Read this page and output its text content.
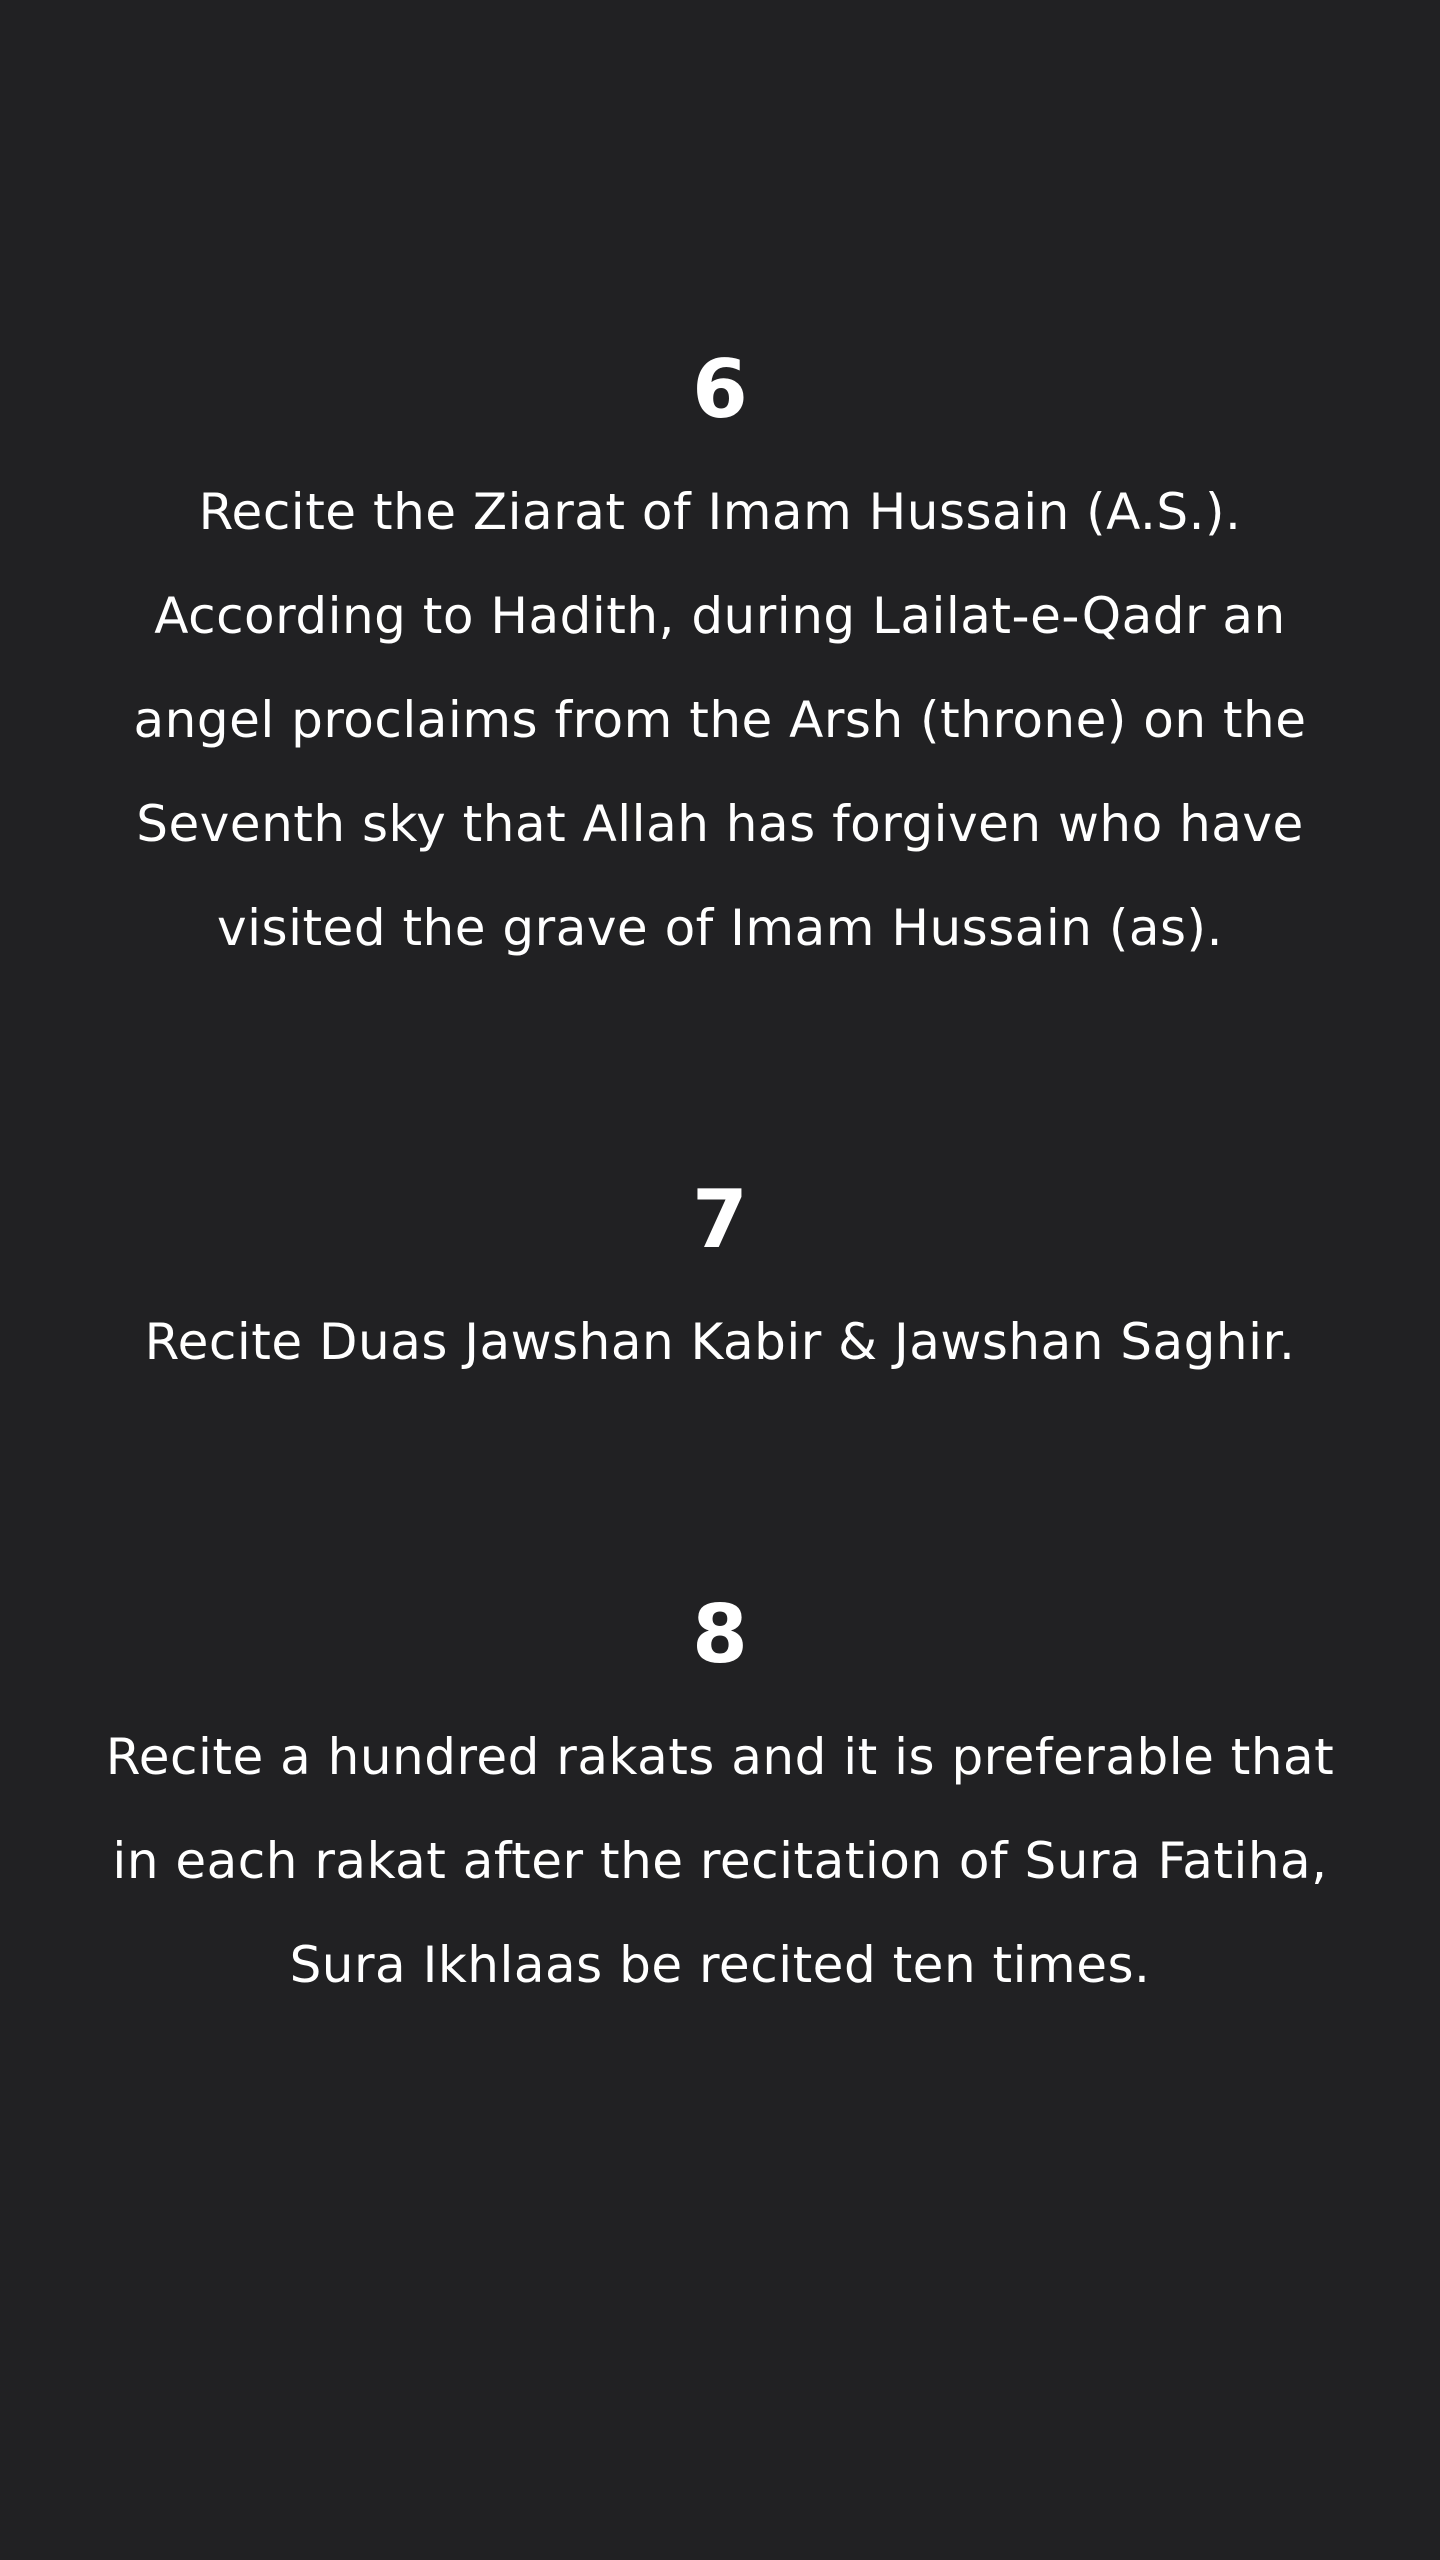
6

Recite the Ziarat of Imam Hussain (A.S.). According to Hadith, during Lailat-e-Qadr an angel proclaims from the Arsh (throne) on the Seventh sky that Allah has forgiven who have visited the grave of Imam Hussain (as).

7

Recite Duas Jawshan Kabir & Jawshan Saghir.

8

Recite a hundred rakats and it is preferable that in each rakat after the recitation of Sura Fatiha, Sura Ikhlaas be recited ten times.
